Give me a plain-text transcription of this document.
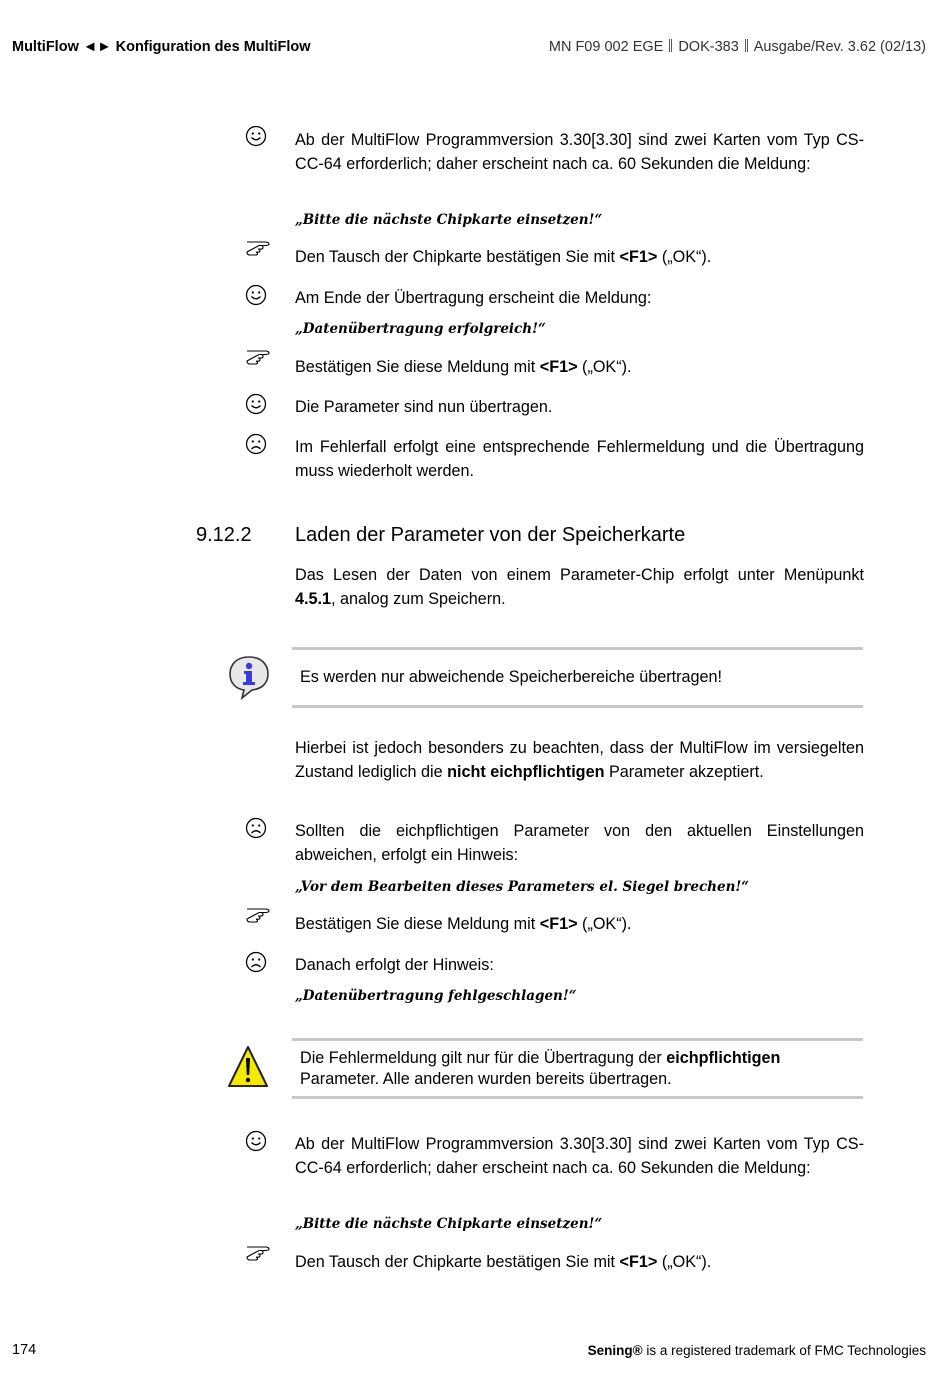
MultiFlow ◄► Konfiguration des MultiFlow	MN F09 002 EGE DOK-383 Ausgabe/Rev. 3.62 (02/13)
Ab der MultiFlow Programmversion 3.30[3.30] sind zwei Karten vom Typ CS-CC-64 erforderlich; daher erscheint nach ca. 60 Sekunden die Meldung:
„Bitte die nächste Chipkarte einsetzen!“
Den Tausch der Chipkarte bestätigen Sie mit <F1> („OK“).
Am Ende der Übertragung erscheint die Meldung:
„Datenübertragung erfolgreich!“
Bestätigen Sie diese Meldung mit <F1> („OK“).
Die Parameter sind nun übertragen.
Im Fehlerfall erfolgt eine entsprechende Fehlermeldung und die Übertragung muss wiederholt werden.
9.12.2 Laden der Parameter von der Speicherkarte
Das Lesen der Daten von einem Parameter-Chip erfolgt unter Menüpunkt 4.5.1, analog zum Speichern.
Es werden nur abweichende Speicherbereiche übertragen!
Hierbei ist jedoch besonders zu beachten, dass der MultiFlow im versiegelten Zustand lediglich die nicht eichpflichtigen Parameter akzeptiert.
Sollten die eichpflichtigen Parameter von den aktuellen Einstellungen abweichen, erfolgt ein Hinweis:
„Vor dem Bearbeiten dieses Parameters el. Siegel brechen!“
Bestätigen Sie diese Meldung mit <F1> („OK“).
Danach erfolgt der Hinweis:
„Datenübertragung fehlgeschlagen!“
Die Fehlermeldung gilt nur für die Übertragung der eichpflichtigen Parameter. Alle anderen wurden bereits übertragen.
Ab der MultiFlow Programmversion 3.30[3.30] sind zwei Karten vom Typ CS-CC-64 erforderlich; daher erscheint nach ca. 60 Sekunden die Meldung:
„Bitte die nächste Chipkarte einsetzen!“
Den Tausch der Chipkarte bestätigen Sie mit <F1> („OK“).
174	Sening® is a registered trademark of FMC Technologies
